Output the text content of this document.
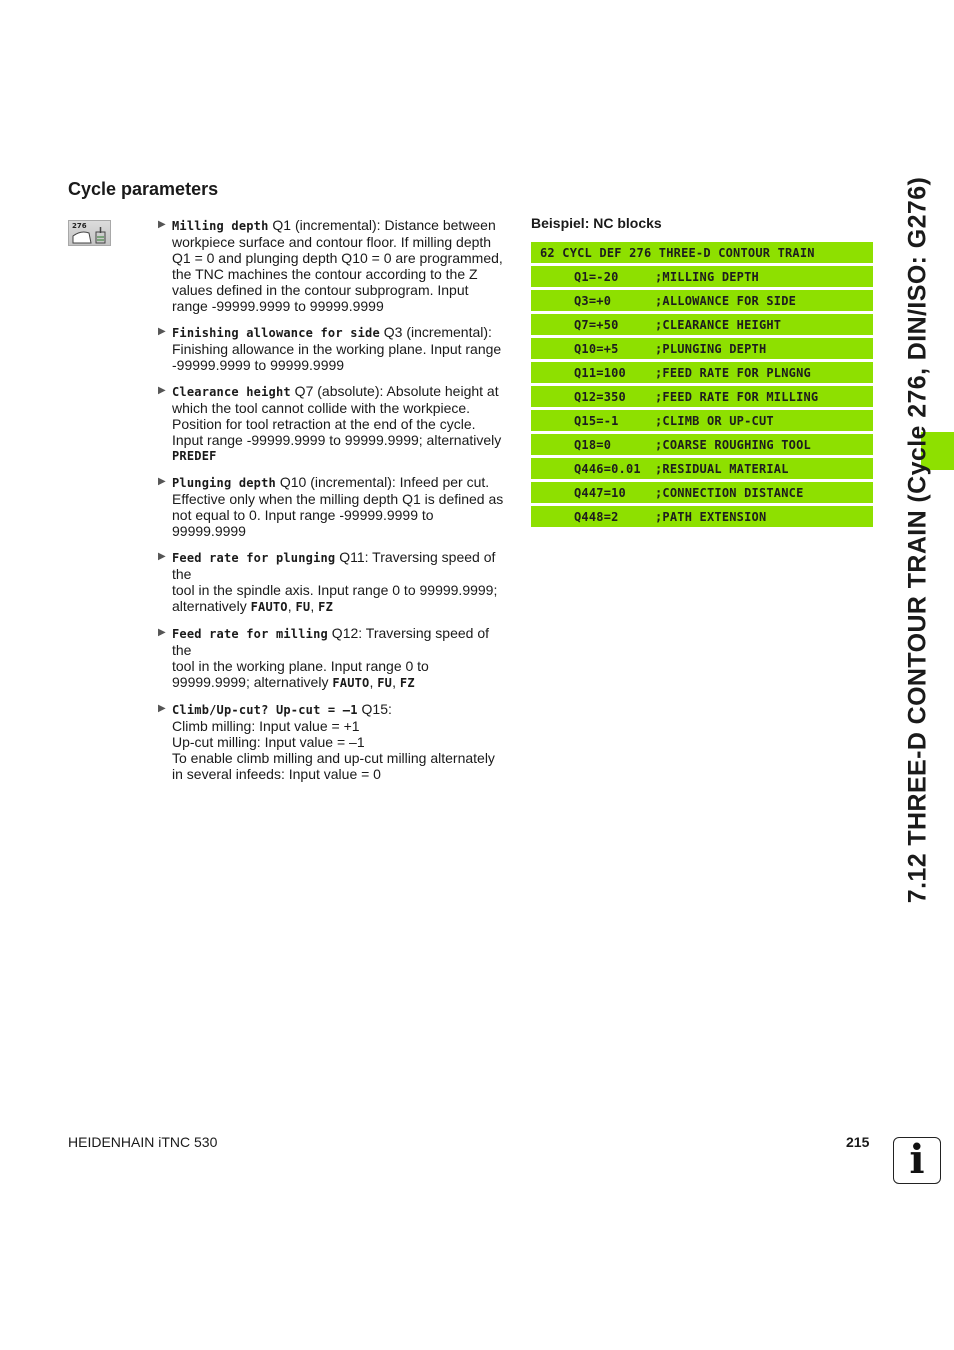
Cycle parameters
276	▶ Milling depth Q1 (incremental): Distance between
workpiece surface and contour floor. If milling depth
Q1 = 0 and plunging depth Q10 = 0 are programmed,
the TNC machines the contour according to the Z
values defined in the contour subprogram. Input
range -99999.9999 to 99999.9999
▶ Finishing allowance for side Q3 (incremental):
Finishing allowance in the working plane. Input range
-99999.9999 to 99999.9999
▶ Clearance height Q7 (absolute): Absolute height at
which the tool cannot collide with the workpiece.
Position for tool retraction at the end of the cycle.
Input range -99999.9999 to 99999.9999; alternatively
PREDEF
▶ Plunging depth Q10 (incremental): Infeed per cut.
Effective only when the milling depth Q1 is defined as
not equal to 0. Input range -99999.9999 to
99999.9999
▶ Feed rate for plunging Q11: Traversing speed of the
tool in the spindle axis. Input range 0 to 99999.9999;
alternatively FAUTO, FU, FZ
▶ Feed rate for milling Q12: Traversing speed of the
tool in the working plane. Input range 0 to
99999.9999; alternatively FAUTO, FU, FZ
▶ Climb/Up-cut? Up-cut = –1 Q15:
Climb milling: Input value = +1
Up-cut milling: Input value = –1
To enable climb milling and up-cut milling alternately
in several infeeds: Input value = 0
Beispiel: NC blocks
62 CYCL DEF 276 THREE-D CONTOUR TRAIN
Q1=-20	;MILLING DEPTH
Q3=+0	;ALLOWANCE FOR SIDE
Q7=+50	;CLEARANCE HEIGHT
Q10=+5	;PLUNGING DEPTH
Q11=100	;FEED RATE FOR PLNGNG
Q12=350	;FEED RATE FOR MILLING
Q15=-1	;CLIMB OR UP-CUT
Q18=0	;COARSE ROUGHING TOOL
Q446=0.01	;RESIDUAL MATERIAL
Q447=10	;CONNECTION DISTANCE
Q448=2	;PATH EXTENSION	7.12 THREE-D CONTOUR TRAIN (Cycle 276, DIN/ISO: G276)
HEIDENHAIN iTNC 530	215	i
